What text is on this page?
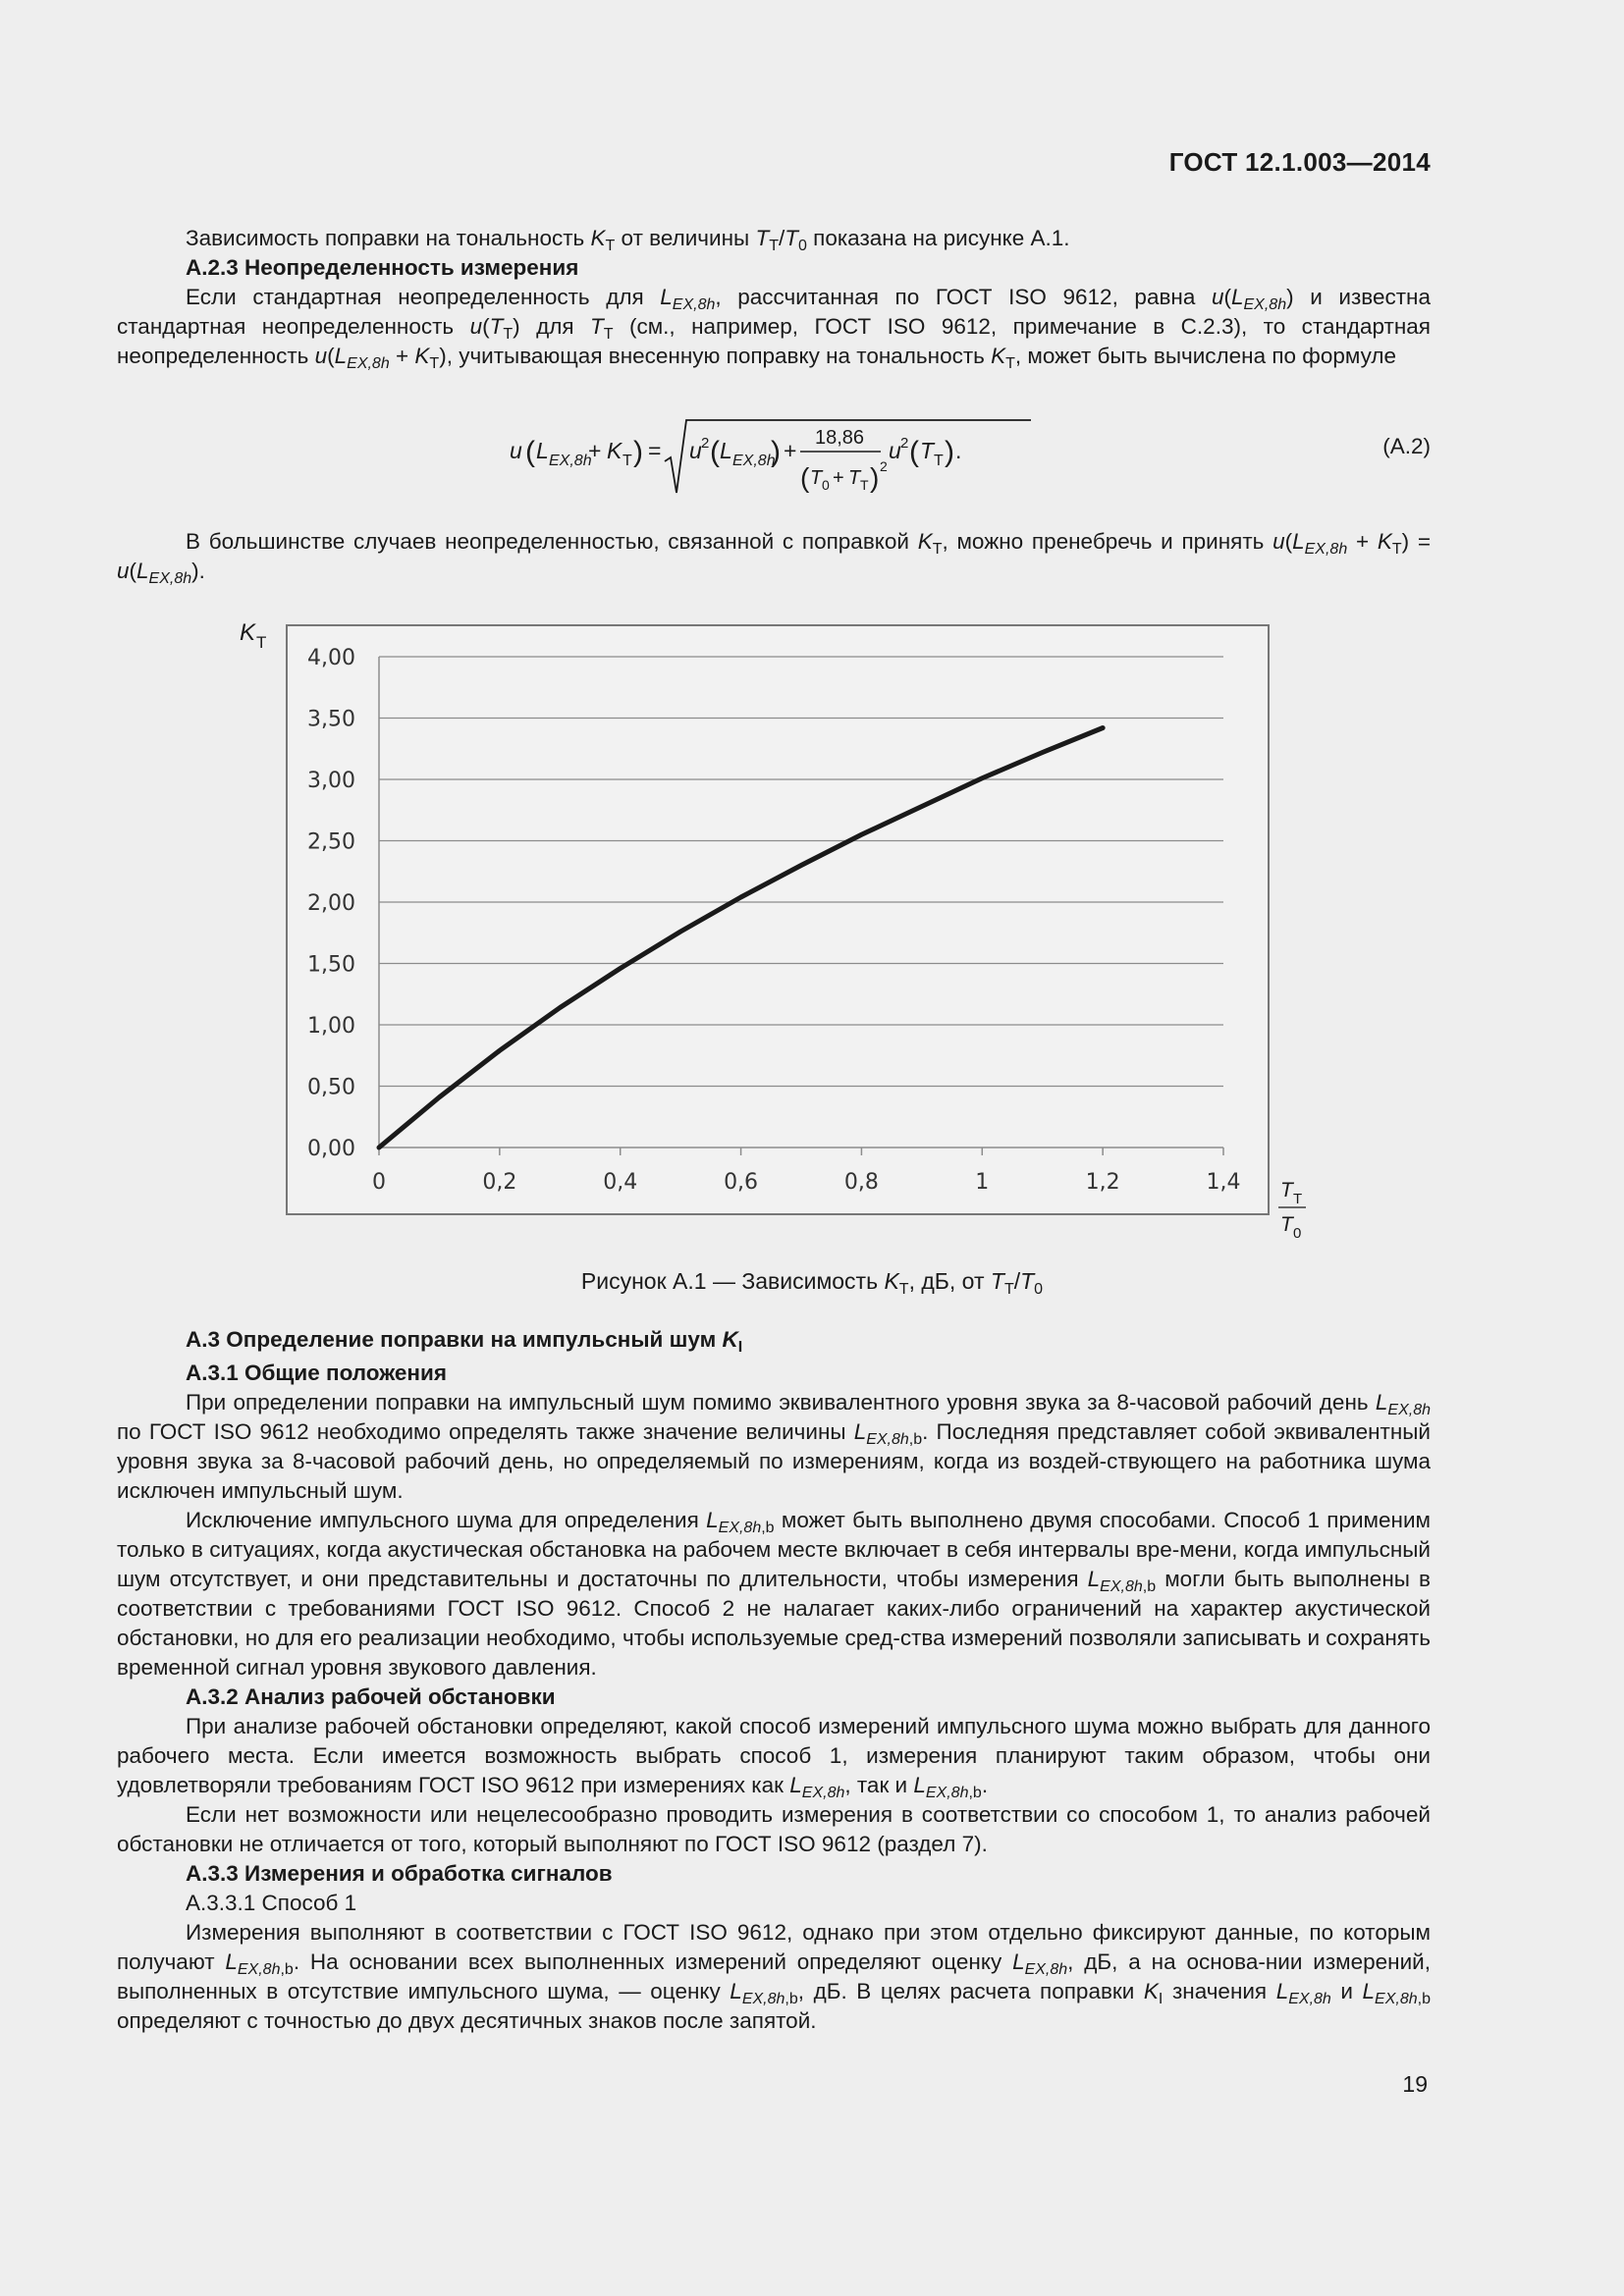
ГОСТ 12.1.003—2014

Зависимость поправки на тональность $K_Т$ от величины $T_Т/T_0$ показана на рисунке А.1.

А.2.3 Неопределенность измерения

Если стандартная неопределенность для $L_{EX,8h}$, рассчитанная по ГОСТ ISO 9612, равна $u(L_{EX,8h})$ и известна стандартная неопределенность $u(T_Т)$ для $T_Т$ (см., например, ГОСТ ISO 9612, примечание в С.2.3), то стандартная неопределенность $u(L_{EX,8h} + K_Т)$, учитывающая внесенную поправку на тональность $K_Т$, может быть вычислена по формуле

u ( L EX,8h
+ K Т ) = u 2 ( L EX,8h
) + 18,86
( T 0 + T Т ) 2
u 2 ( T Т ) .	(А.2)

В большинстве случаев неопределенностью, связанной с поправкой $K_Т$, можно пренебречь и принять $u(L_{EX,8h} + K_Т) = u(L_{EX,8h})$.

K Т
0,00
0,50
1,00
1,50
2,00
2,50
3,00
3,50
4,00
0	0,2	0,4	0,6	0,8	1	1,2	1,4 T Т
T 0
Рисунок А.1 — Зависимость $K_Т$, дБ, от $T_Т/T_0$

А.3 Определение поправки на импульсный шум $K_I$

А.3.1 Общие положения

При определении поправки на импульсный шум помимо эквивалентного уровня звука за 8-часовой рабочий день $L_{EX,8h}$ по ГОСТ ISO 9612 необходимо определять также значение величины $L_{EX,8h,b}$. Последняя представляет собой эквивалентный уровня звука за 8-часовой рабочий день, но определяемый по измерениям, когда из воздей-ствующего на работника шума исключен импульсный шум.

Исключение импульсного шума для определения $L_{EX,8h,b}$ может быть выполнено двумя способами. Способ 1 применим только в ситуациях, когда акустическая обстановка на рабочем месте включает в себя интервалы вре-мени, когда импульсный шум отсутствует, и они представительны и достаточны по длительности, чтобы измерения $L_{EX,8h,b}$ могли быть выполнены в соответствии с требованиями ГОСТ ISO 9612. Способ 2 не налагает каких-либо ограничений на характер акустической обстановки, но для его реализации необходимо, чтобы используемые сред-ства измерений позволяли записывать и сохранять временной сигнал уровня звукового давления.

А.3.2 Анализ рабочей обстановки

При анализе рабочей обстановки определяют, какой способ измерений импульсного шума можно выбрать для данного рабочего места. Если имеется возможность выбрать способ 1, измерения планируют таким образом, чтобы они удовлетворяли требованиям ГОСТ ISO 9612 при измерениях как $L_{EX,8h}$, так и $L_{EX,8h,b}$.

Если нет возможности или нецелесообразно проводить измерения в соответствии со способом 1, то анализ рабочей обстановки не отличается от того, который выполняют по ГОСТ ISO 9612 (раздел 7).

А.3.3 Измерения и обработка сигналов

А.3.3.1 Способ 1

Измерения выполняют в соответствии с ГОСТ ISO 9612, однако при этом отдельно фиксируют данные, по которым получают $L_{EX,8h,b}$. На основании всех выполненных измерений определяют оценку $L_{EX,8h}$, дБ, а на основа-нии измерений, выполненных в отсутствие импульсного шума, — оценку $L_{EX,8h,b}$, дБ. В целях расчета поправки $K_I$ значения $L_{EX,8h}$ и $L_{EX,8h,b}$ определяют с точностью до двух десятичных знаков после запятой.

19
